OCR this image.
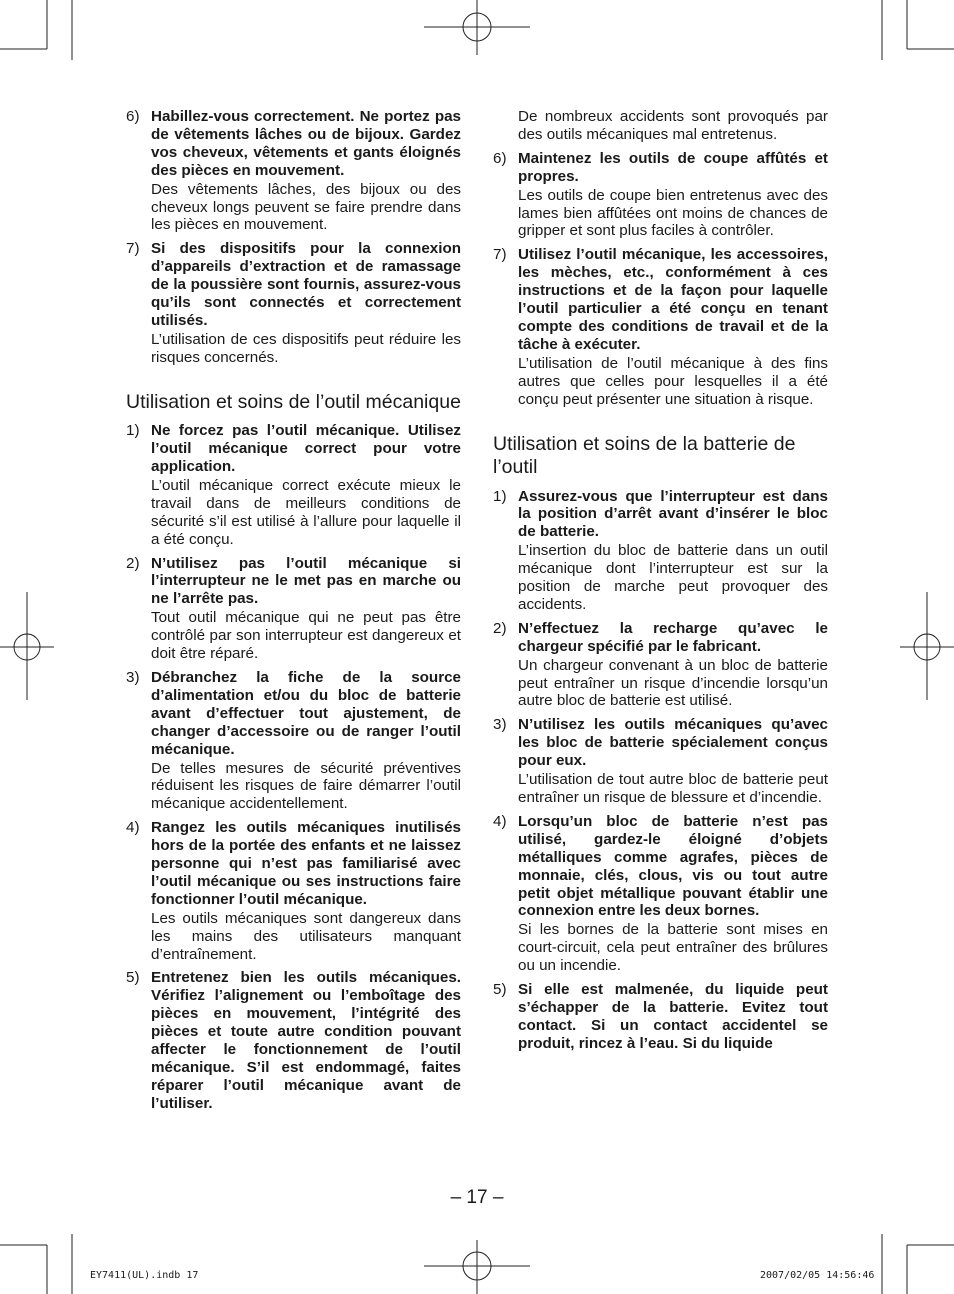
6) Habillez-vous correctement. Ne portez pas de vêtements lâches ou de bijoux. Gardez vos cheveux, vêtements et gants éloignés des pièces en mouvement.
Des vêtements lâches, des bijoux ou des cheveux longs peuvent se faire prendre dans les pièces en mouvement.
7) Si des dispositifs pour la connexion d’appareils d’extraction et de ramassage de la poussière sont fournis, assurez-vous qu’ils sont connectés et correctement utilisés.
L’utilisation de ces dispositifs peut réduire les risques concernés.
Utilisation et soins de l’outil mécanique
1) Ne forcez pas l’outil mécanique. Utilisez l’outil mécanique correct pour votre application.
L’outil mécanique correct exécute mieux le travail dans de meilleurs conditions de sécurité s’il est utilisé à l’allure pour laquelle il a été conçu.
2) N’utilisez pas l’outil mécanique si l’interrupteur ne le met pas en marche ou ne l’arrête pas.
Tout outil mécanique qui ne peut pas être contrôlé par son interrupteur est dangereux et doit être réparé.
3) Débranchez la fiche de la source d’alimentation et/ou du bloc de batterie avant d’effectuer tout ajustement, de changer d’accessoire ou de ranger l’outil mécanique.
De telles mesures de sécurité préventives réduisent les risques de faire démarrer l’outil mécanique accidentellement.
4) Rangez les outils mécaniques inutilisés hors de la portée des enfants et ne laissez personne qui n’est pas familiarisé avec l’outil mécanique ou ses instructions faire fonctionner l’outil mécanique.
Les outils mécaniques sont dangereux dans les mains des utilisateurs manquant d’entraînement.
5) Entretenez bien les outils mécaniques. Vérifiez l’alignement ou l’emboîtage des pièces en mouvement, l’intégrité des pièces et toute autre condition pouvant affecter le fonctionnement de l’outil mécanique. S’il est endommagé, faites réparer l’outil mécanique avant de l’utiliser.
De nombreux accidents sont provoqués par des outils mécaniques mal entretenus.
6) Maintenez les outils de coupe affûtés et propres.
Les outils de coupe bien entretenus avec des lames bien affûtées ont moins de chances de gripper et sont plus faciles à contrôler.
7) Utilisez l’outil mécanique, les accessoires, les mèches, etc., conformément à ces instructions et de la façon pour laquelle l’outil particulier a été conçu en tenant compte des conditions de travail et de la tâche à exécuter.
L’utilisation de l’outil mécanique à des fins autres que celles pour lesquelles il a été conçu peut présenter une situation à risque.
Utilisation et soins de la batterie de l’outil
1) Assurez-vous que l’interrupteur est dans la position d’arrêt avant d’insérer le bloc de batterie.
L’insertion du bloc de batterie dans un outil mécanique dont l’interrupteur est sur la position de marche peut provoquer des accidents.
2) N’effectuez la recharge qu’avec le chargeur spécifié par le fabricant.
Un chargeur convenant à un bloc de batterie peut entraîner un risque d’incendie lorsqu’un autre bloc de batterie est utilisé.
3) N’utilisez les outils mécaniques qu’avec les bloc de batterie spécialement conçus pour eux.
L’utilisation de tout autre bloc de batterie peut entraîner un risque de blessure et d’incendie.
4) Lorsqu’un bloc de batterie n’est pas utilisé, gardez-le éloigné d’objets métalliques comme agrafes, pièces de monnaie, clés, clous, vis ou tout autre petit objet métallique pouvant établir une connexion entre les deux bornes.
Si les bornes de la batterie sont mises en court-circuit, cela peut entraîner des brûlures ou un incendie.
5) Si elle est malmenée, du liquide peut s’échapper de la batterie. Evitez tout contact. Si un contact accidentel se produit, rincez à l’eau. Si du liquide
– 17 –
EY7411(UL).indb 17	2007/02/05 14:56:46
